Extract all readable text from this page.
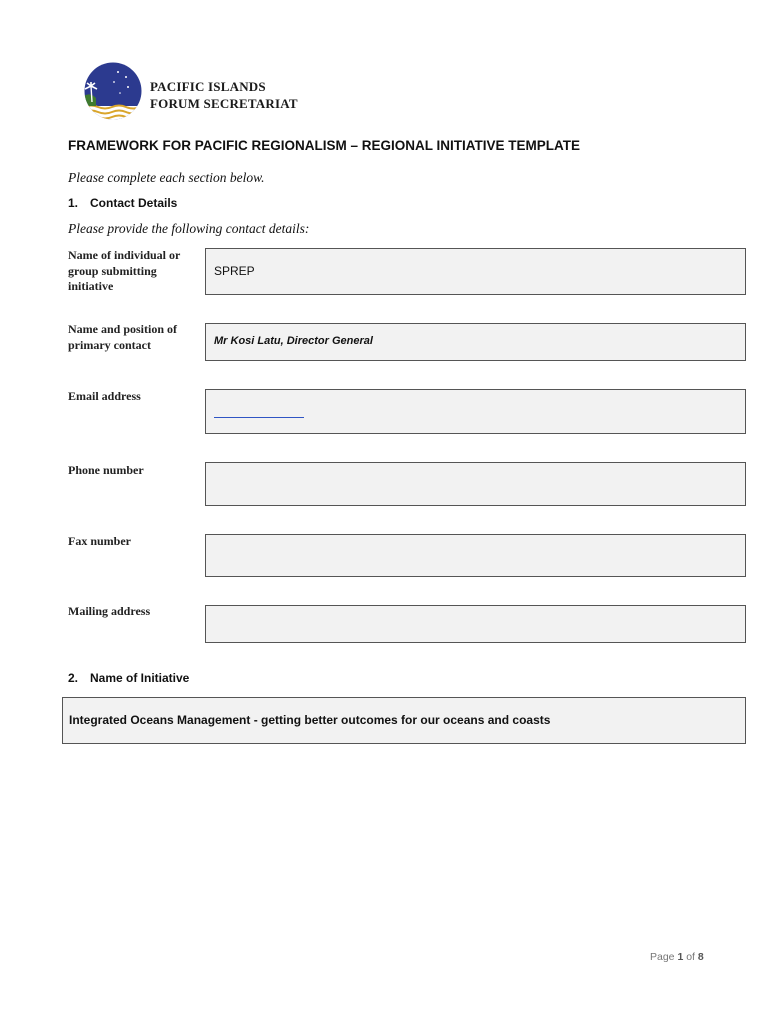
PACIFIC ISLANDS
FORUM SECRETARIAT
FRAMEWORK FOR PACIFIC REGIONALISM – REGIONAL INITIATIVE TEMPLATE
Please complete each section below.
1. Contact Details
Please provide the following contact details:
Name of individual or group submitting initiative
SPREP
Name and position of primary contact	Mr Kosi Latu, Director General
Email address
Phone number
Fax number
Mailing address
2. Name of Initiative
Integrated Oceans Management - getting better outcomes for our oceans and coasts
Page 1 of 8
